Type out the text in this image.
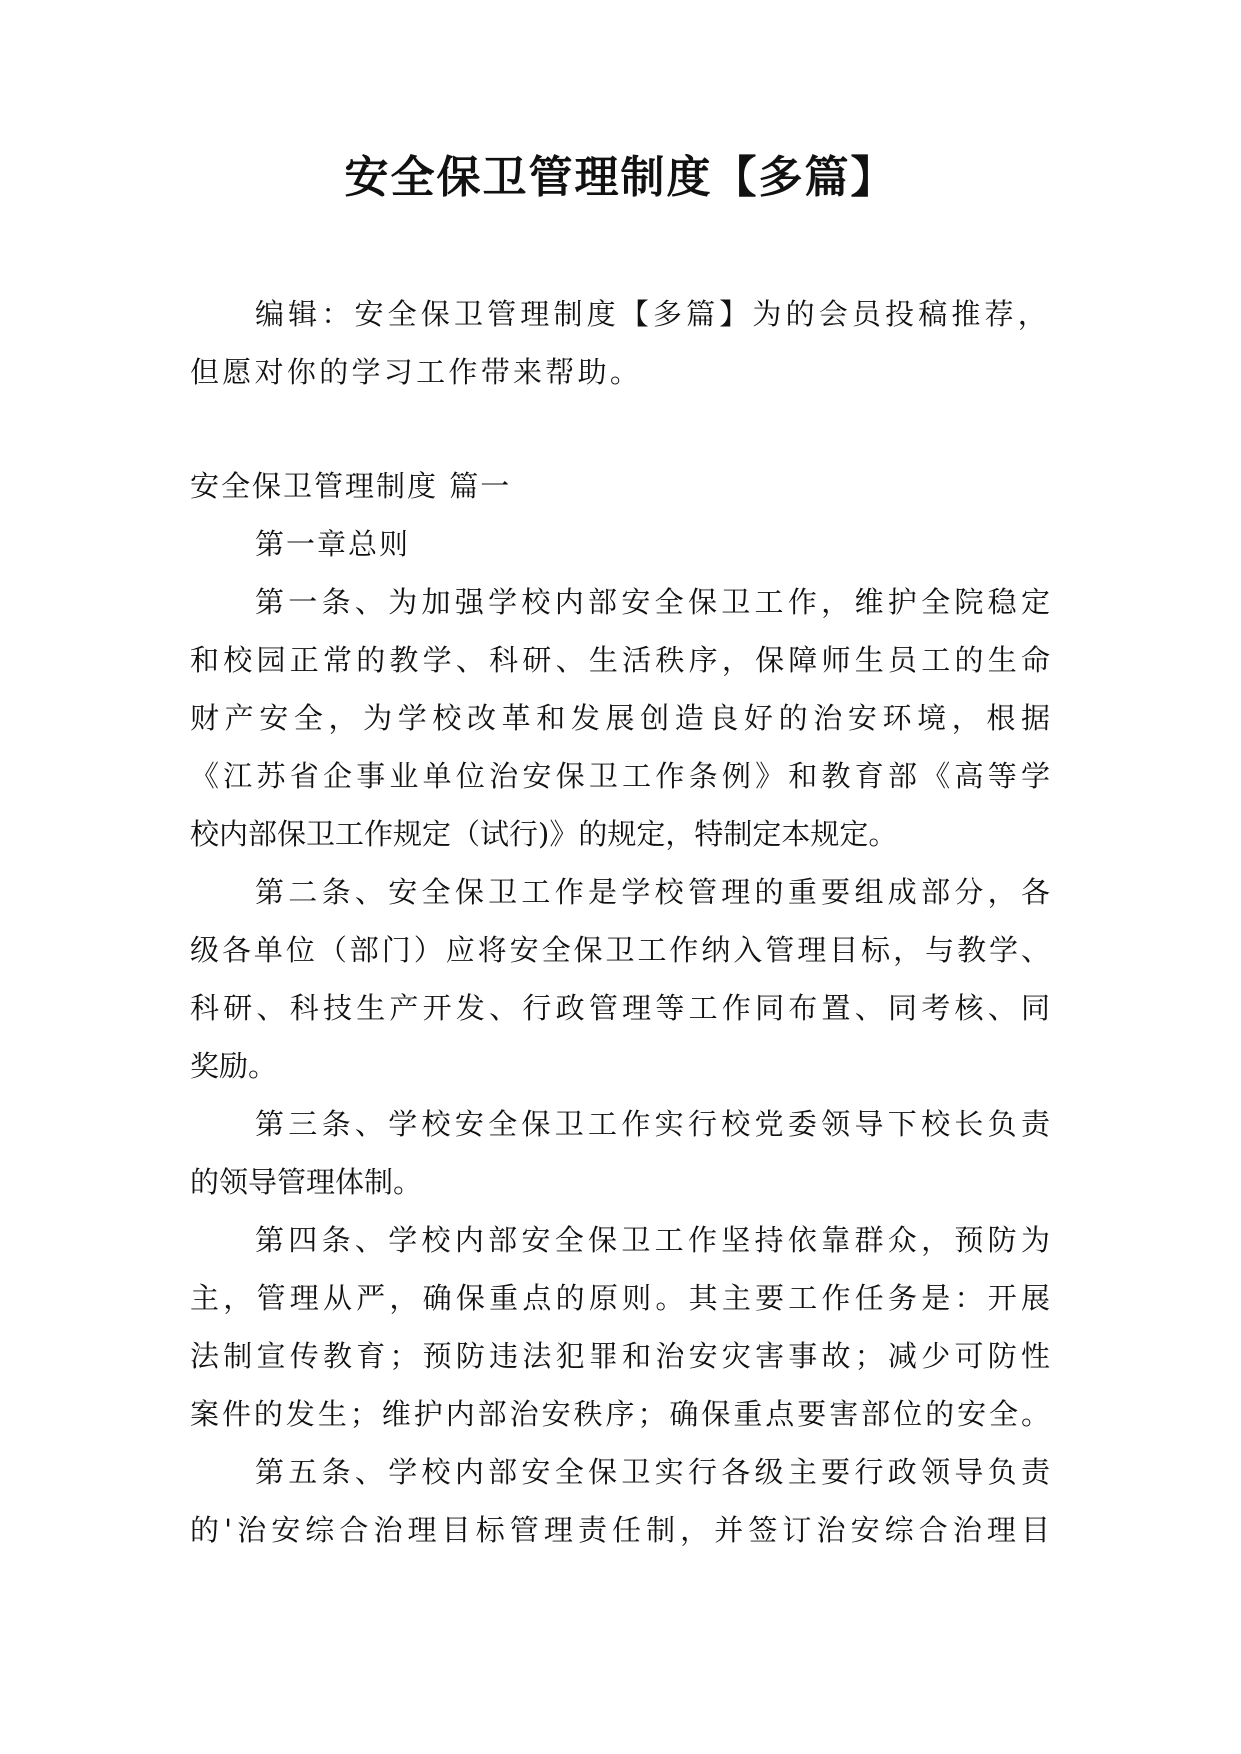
安全保卫管理制度【多篇】

编辑：安全保卫管理制度【多篇】为的会员投稿推荐，

但愿对你的学习工作带来帮助。

安全保卫管理制度 篇一

第一章总则

第一条、为加强学校内部安全保卫工作，维护全院稳定

和校园正常的教学、科研、生活秩序，保障师生员工的生命

财产安全，为学校改革和发展创造良好的治安环境，根据

《江苏省企事业单位治安保卫工作条例》和教育部《高等学

校内部保卫工作规定（试行)》的规定，特制定本规定。

第二条、安全保卫工作是学校管理的重要组成部分，各

级各单位（部门）应将安全保卫工作纳入管理目标，与教学、

科研、科技生产开发、行政管理等工作同布置、同考核、同

奖励。

第三条、学校安全保卫工作实行校党委领导下校长负责

的领导管理体制。

第四条、学校内部安全保卫工作坚持依靠群众，预防为

主，管理从严，确保重点的原则。其主要工作任务是：开展

法制宣传教育；预防违法犯罪和治安灾害事故；减少可防性

案件的发生；维护内部治安秩序；确保重点要害部位的安全。

第五条、学校内部安全保卫实行各级主要行政领导负责

的'治安综合治理目标管理责任制，并签订治安综合治理目
